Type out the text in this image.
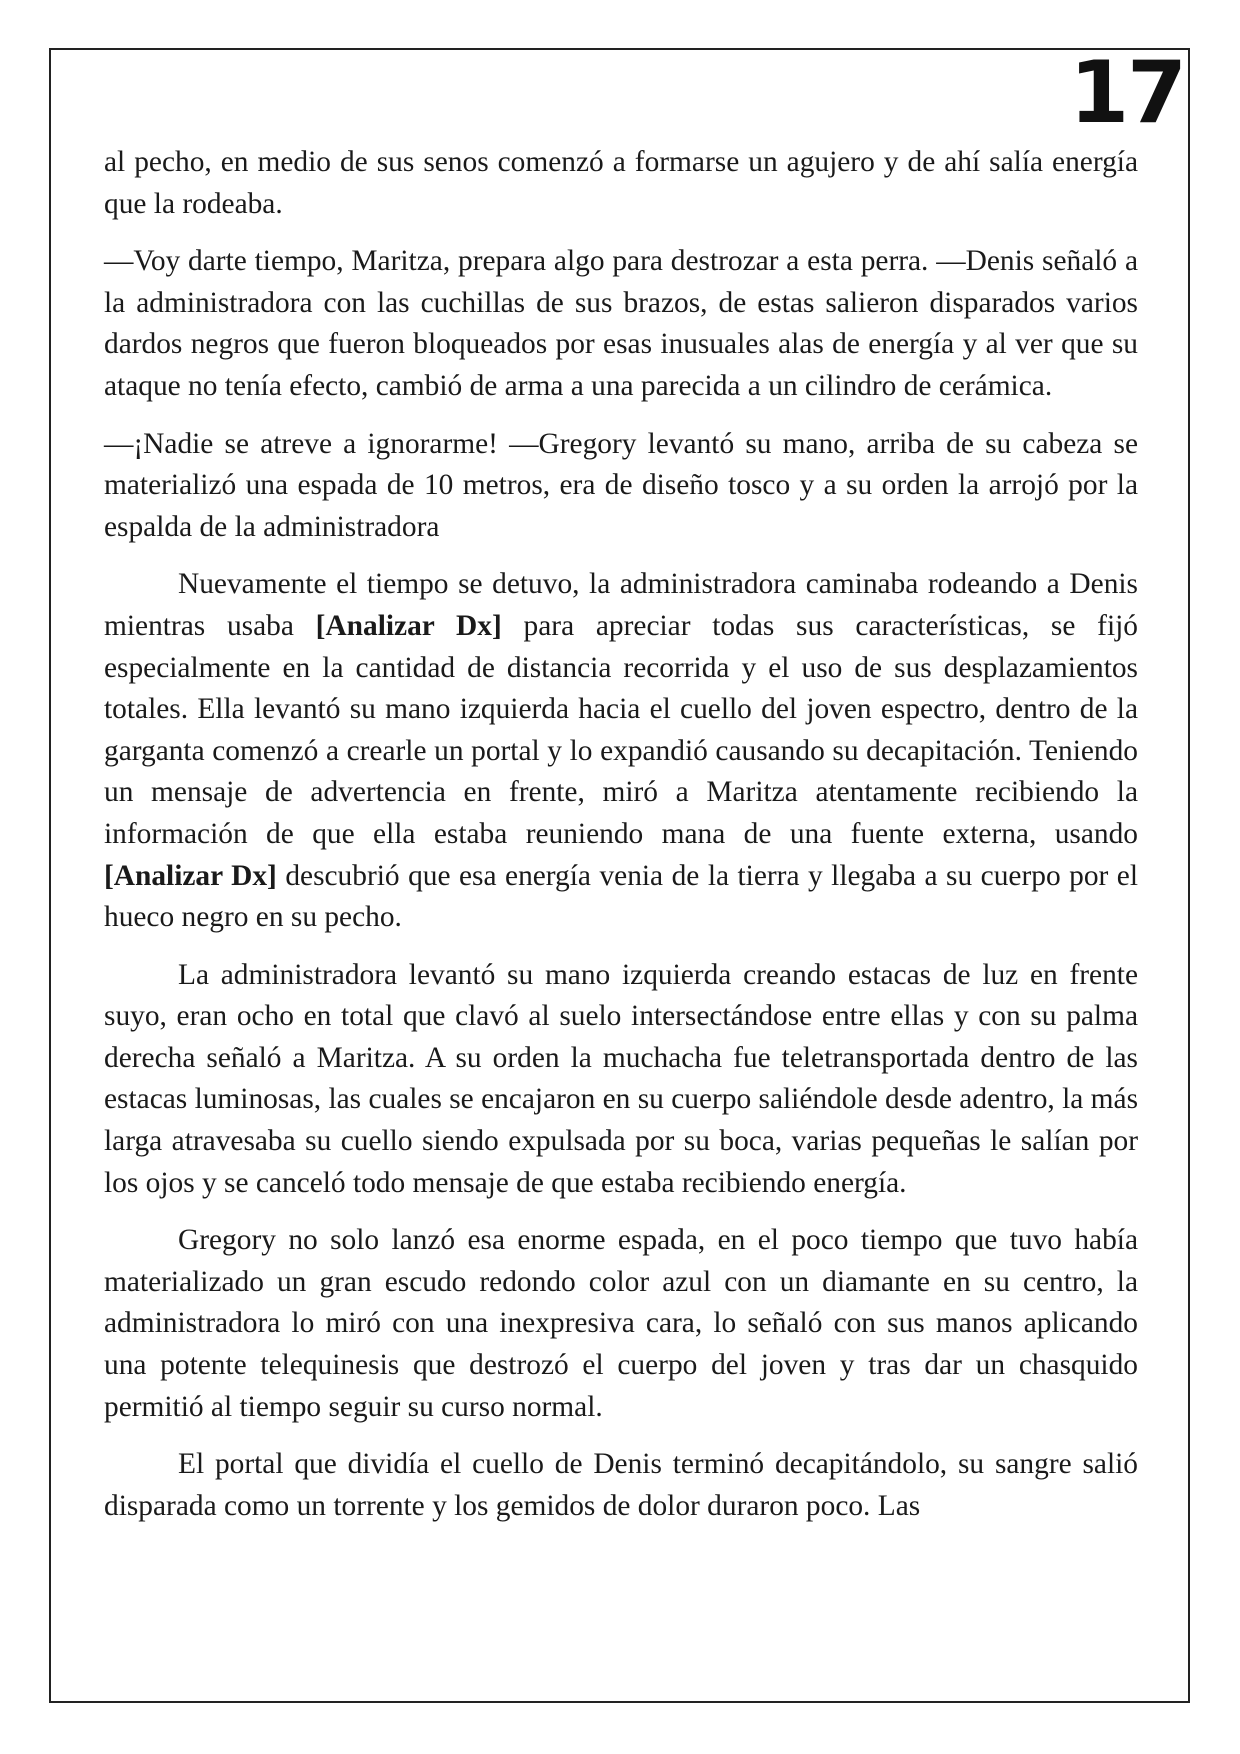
17

al pecho, en medio de sus senos comenzó a formarse un agujero y de ahí salía energía que la rodeaba.

—Voy darte tiempo, Maritza, prepara algo para destrozar a esta perra. —Denis señaló a la administradora con las cuchillas de sus brazos, de estas salieron disparados varios dardos negros que fueron bloqueados por esas inusuales alas de energía y al ver que su ataque no tenía efecto, cambió de arma a una parecida a un cilindro de cerámica.

—¡Nadie se atreve a ignorarme! —Gregory levantó su mano, arriba de su cabeza se materializó una espada de 10 metros, era de diseño tosco y a su orden la arrojó por la espalda de la administradora

Nuevamente el tiempo se detuvo, la administradora caminaba rodeando a Denis mientras usaba [Analizar Dx] para apreciar todas sus características, se fijó especialmente en la cantidad de distancia recorrida y el uso de sus desplazamientos totales. Ella levantó su mano izquierda hacia el cuello del joven espectro, dentro de la garganta comenzó a crearle un portal y lo expandió causando su decapitación. Teniendo un mensaje de advertencia en frente, miró a Maritza atentamente recibiendo la información de que ella estaba reuniendo mana de una fuente externa, usando [Analizar Dx] descubrió que esa energía venia de la tierra y llegaba a su cuerpo por el hueco negro en su pecho.

La administradora levantó su mano izquierda creando estacas de luz en frente suyo, eran ocho en total que clavó al suelo intersectándose entre ellas y con su palma derecha señaló a Maritza. A su orden la muchacha fue teletransportada dentro de las estacas luminosas, las cuales se encajaron en su cuerpo saliéndole desde adentro, la más larga atravesaba su cuello siendo expulsada por su boca, varias pequeñas le salían por los ojos y se canceló todo mensaje de que estaba recibiendo energía.

Gregory no solo lanzó esa enorme espada, en el poco tiempo que tuvo había materializado un gran escudo redondo color azul con un diamante en su centro, la administradora lo miró con una inexpresiva cara, lo señaló con sus manos aplicando una potente telequinesis que destrozó el cuerpo del joven y tras dar un chasquido permitió al tiempo seguir su curso normal.

El portal que dividía el cuello de Denis terminó decapitándolo, su sangre salió disparada como un torrente y los gemidos de dolor duraron poco. Las
